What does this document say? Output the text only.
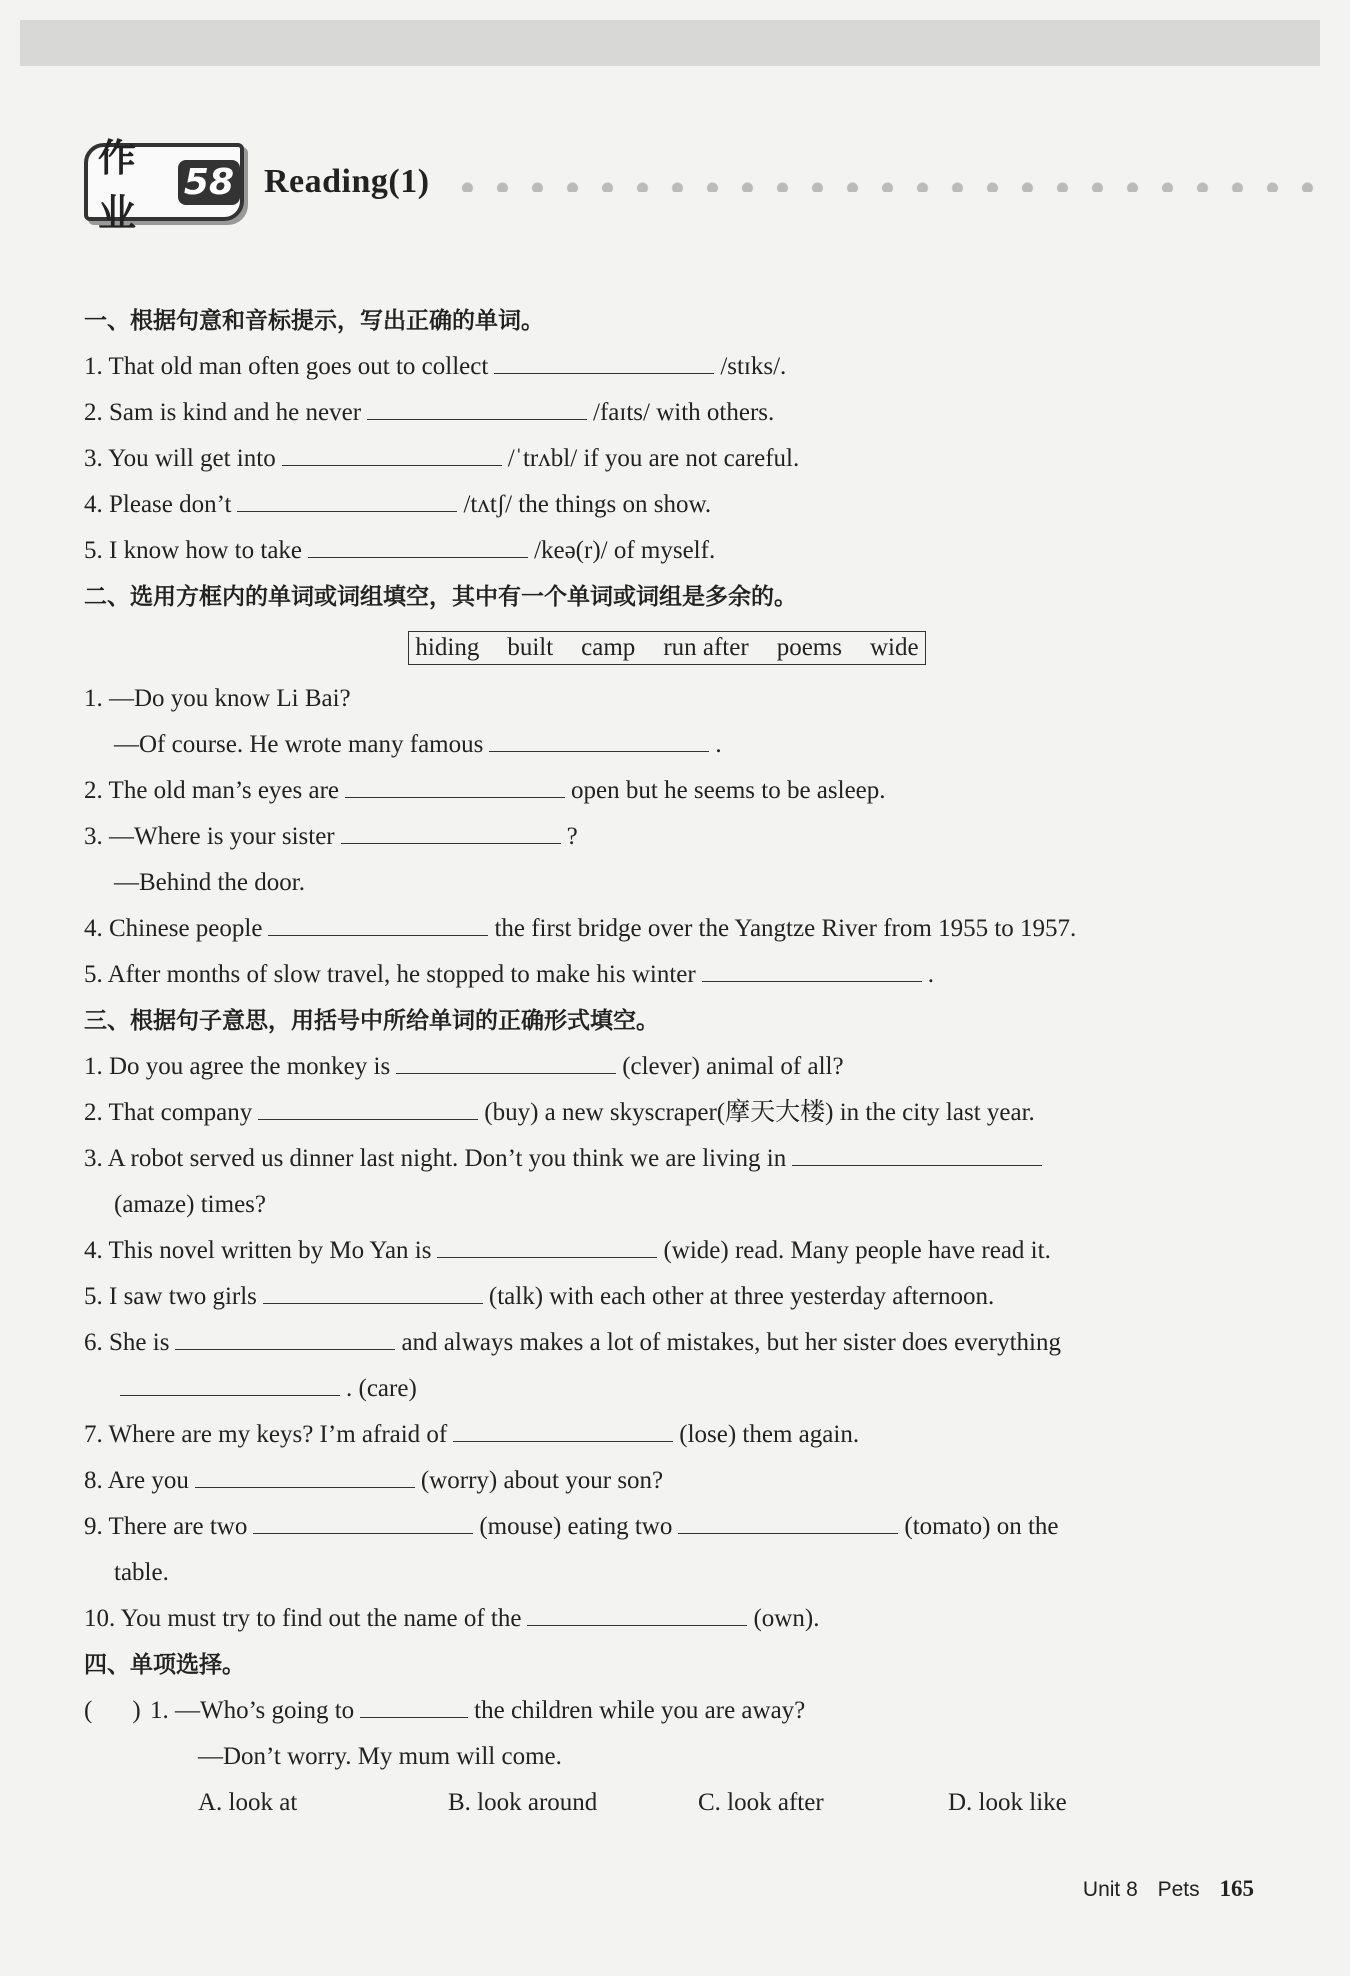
作业
58 Reading(1)
一、根据句意和音标提示，写出正确的单词。
1. That old man often goes out to collect	/stɪks/.
2. Sam is kind and he never	/faɪts/ with others.
3. You will get into	/ˈtrʌbl/ if you are not careful.
4. Please don’t	/tʌtʃ/ the things on show.
5. I know how to take	/keə(r)/ of myself.
二、选用方框内的单词或词组填空，其中有一个单词或词组是多余的。
hiding built camp run after poems wide
1. —Do you know Li Bai?
—Of course. He wrote many famous	.
2. The old man’s eyes are	open but he seems to be asleep.
3. —Where is your sister	?
—Behind the door.
4. Chinese people	the first bridge over the Yangtze River from 1955 to 1957.
5. After months of slow travel, he stopped to make his winter	.
三、根据句子意思，用括号中所给单词的正确形式填空。
1. Do you agree the monkey is	(clever) animal of all?
2. That company	(buy) a new skyscraper(摩天大楼) in the city last year.
3. A robot served us dinner last night. Don’t you think we are living in
(amaze) times?
4. This novel written by Mo Yan is	(wide) read. Many people have read it.
5. I saw two girls	(talk) with each other at three yesterday afternoon.
6. She is	and always makes a lot of mistakes, but her sister does everything
. (care)
7. Where are my keys? I’m afraid of	(lose) them again.
8. Are you	(worry) about your son?
9. There are two	(mouse) eating two	(tomato) on the
table.
10. You must try to find out the name of the	(own).
四、单项选择。
( ) 1. —Who’s going to	the children while you are away?
—Don’t worry. My mum will come.
A. look at	B. look around	C. look after	D. look like
Unit 8 Pets 165
